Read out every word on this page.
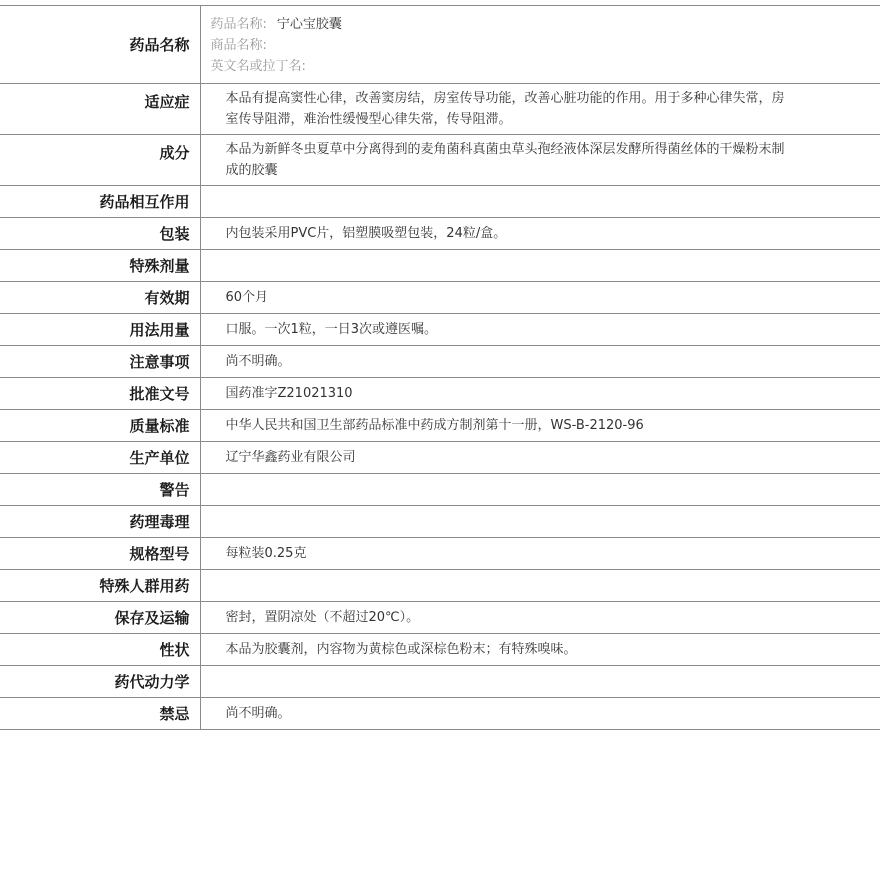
药品名称	药品名称: 宁心宝胶囊
商品名称:
英文名或拉丁名:

适应症	本品有提高窦性心律，改善窦房结，房室传导功能，改善心脏功能的作用。用于多种心律失常，房室传导阻滞，难治性缓慢型心律失常，传导阻滞。
成分	本品为新鲜冬虫夏草中分离得到的麦角菌科真菌虫草头孢经液体深层发酵所得菌丝体的干燥粉末制成的胶囊
药品相互作用	
包装	内包装采用PVC片，铝塑膜吸塑包装，24粒/盒。
特殊剂量	
有效期	60个月
用法用量	口服。一次1粒，一日3次或遵医嘱。
注意事项	尚不明确。
批准文号	国药准字Z21021310
质量标准	中华人民共和国卫生部药品标准中药成方制剂第十一册，WS-B-2120-96
生产单位	辽宁华鑫药业有限公司
警告	
药理毒理	
规格型号	每粒装0.25克
特殊人群用药	
保存及运输	密封，置阴凉处（不超过20℃）。
性状	本品为胶囊剂，内容物为黄棕色或深棕色粉末；有特殊嗅味。
药代动力学	
禁忌	尚不明确。
